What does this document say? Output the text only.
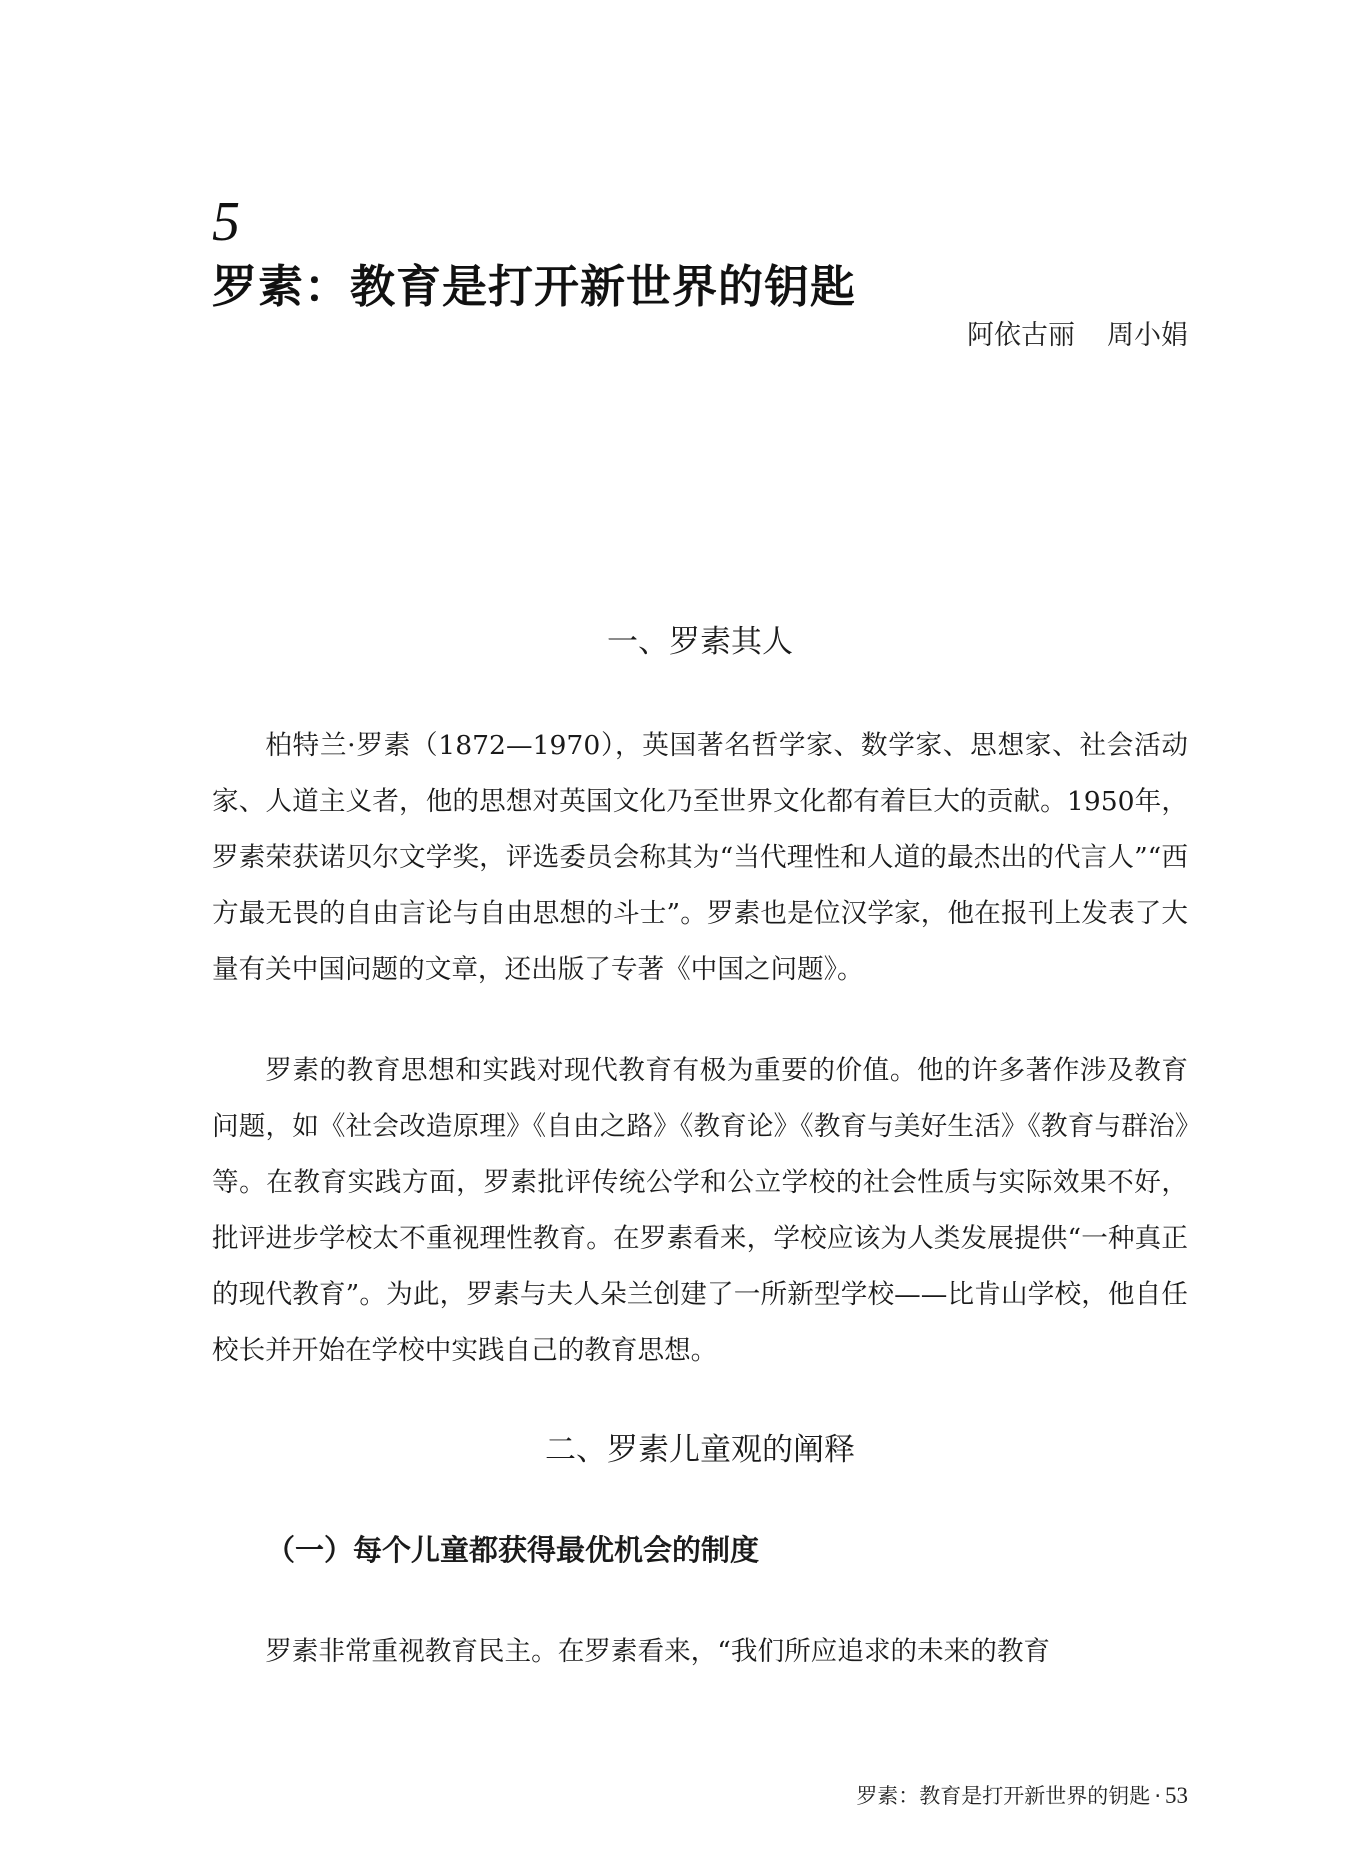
5
罗素：教育是打开新世界的钥匙
阿依古丽 周小娟
一、罗素其人

柏特兰·罗素（1872—1970），英国著名哲学家、数学家、思想家、社会活动家、人道主义者，他的思想对英国文化乃至世界文化都有着巨大的贡献。1950年，罗素荣获诺贝尔文学奖，评选委员会称其为“当代理性和人道的最杰出的代言人”“西方最无畏的自由言论与自由思想的斗士”。罗素也是位汉学家，他在报刊上发表了大量有关中国问题的文章，还出版了专著《中国之问题》。

罗素的教育思想和实践对现代教育有极为重要的价值。他的许多著作涉及教育问题，如《社会改造原理》《自由之路》《教育论》《教育与美好生活》《教育与群治》等。在教育实践方面，罗素批评传统公学和公立学校的社会性质与实际效果不好，批评进步学校太不重视理性教育。在罗素看来，学校应该为人类发展提供“一种真正的现代教育”。为此，罗素与夫人朵兰创建了一所新型学校——比肯山学校，他自任校长并开始在学校中实践自己的教育思想。

二、罗素儿童观的阐释
（一）每个儿童都获得最优机会的制度

罗素非常重视教育民主。在罗素看来，“我们所应追求的未来的教育

罗素：教育是打开新世界的钥匙 · 53
